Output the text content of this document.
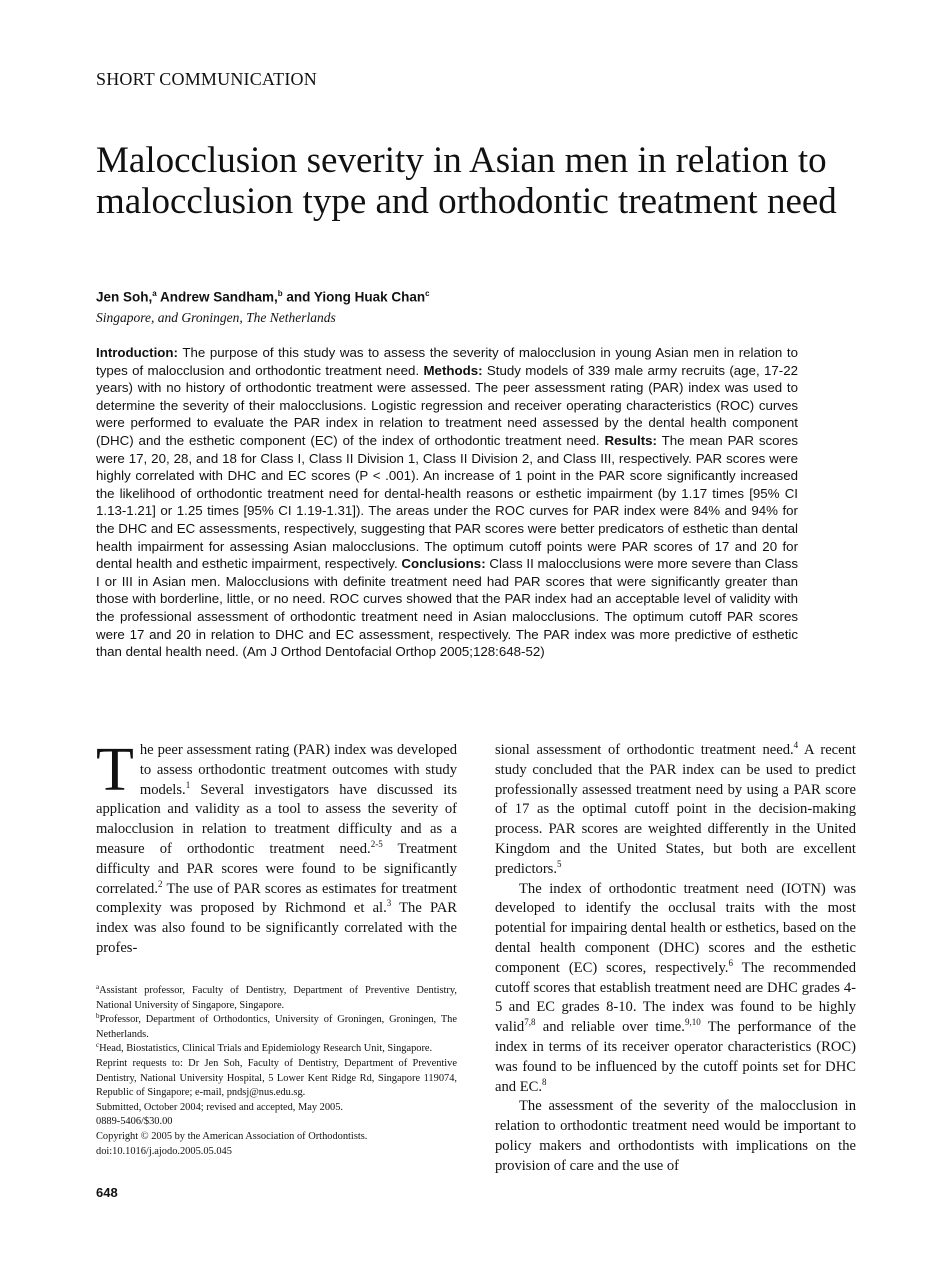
SHORT COMMUNICATION
Malocclusion severity in Asian men in relation to malocclusion type and orthodontic treatment need
Jen Soh,$^a$ Andrew Sandham,$^b$ and Yiong Huak Chan$^c$
Singapore, and Groningen, The Netherlands

Introduction: The purpose of this study was to assess the severity of malocclusion in young Asian men in relation to types of malocclusion and orthodontic treatment need. Methods: Study models of 339 male army recruits (age, 17-22 years) with no history of orthodontic treatment were assessed. The peer assessment rating (PAR) index was used to determine the severity of their malocclusions. Logistic regression and receiver operating characteristics (ROC) curves were performed to evaluate the PAR index in relation to treatment need assessed by the dental health component (DHC) and the esthetic component (EC) of the index of orthodontic treatment need. Results: The mean PAR scores were 17, 20, 28, and 18 for Class I, Class II Division 1, Class II Division 2, and Class III, respectively. PAR scores were highly correlated with DHC and EC scores (P < .001). An increase of 1 point in the PAR score significantly increased the likelihood of orthodontic treatment need for dental-health reasons or esthetic impairment (by 1.17 times [95% CI 1.13-1.21] or 1.25 times [95% CI 1.19-1.31]). The areas under the ROC curves for PAR index were 84% and 94% for the DHC and EC assessments, respectively, suggesting that PAR scores were better predicators of esthetic than dental health impairment for assessing Asian malocclusions. The optimum cutoff points were PAR scores of 17 and 20 for dental health and esthetic impairment, respectively. Conclusions: Class II malocclusions were more severe than Class I or III in Asian men. Malocclusions with definite treatment need had PAR scores that were significantly greater than those with borderline, little, or no need. ROC curves showed that the PAR index had an acceptable level of validity with the professional assessment of orthodontic treatment need in Asian malocclusions. The optimum cutoff PAR scores were 17 and 20 in relation to DHC and EC assessment, respectively. The PAR index was more predictive of esthetic than dental health need. (Am J Orthod Dentofacial Orthop 2005;128:648-52)

The peer assessment rating (PAR) index was developed to assess orthodontic treatment outcomes with study models.$^1$ Several investigators have discussed its application and validity as a tool to assess the severity of malocclusion in relation to treatment difficulty and as a measure of orthodontic treatment need.$^{2-5}$ Treatment difficulty and PAR scores were found to be significantly correlated.$^2$ The use of PAR scores as estimates for treatment complexity was proposed by Richmond et al.$^3$ The PAR index was also found to be significantly correlated with the profes-

$^a$Assistant professor, Faculty of Dentistry, Department of Preventive Dentistry, National University of Singapore, Singapore.

$^b$Professor, Department of Orthodontics, University of Groningen, Groningen, The Netherlands.

$^c$Head, Biostatistics, Clinical Trials and Epidemiology Research Unit, Singapore.

Reprint requests to: Dr Jen Soh, Faculty of Dentistry, Department of Preventive Dentistry, National University Hospital, 5 Lower Kent Ridge Rd, Singapore 119074, Republic of Singapore; e-mail, pndsj@nus.edu.sg.

Submitted, October 2004; revised and accepted, May 2005.

0889-5406/$30.00

Copyright © 2005 by the American Association of Orthodontists.

doi:10.1016/j.ajodo.2005.05.045

sional assessment of orthodontic treatment need.$^4$ A recent study concluded that the PAR index can be used to predict professionally assessed treatment need by using a PAR score of 17 as the optimal cutoff point in the decision-making process. PAR scores are weighted differently in the United Kingdom and the United States, but both are excellent predictors.$^5$

The index of orthodontic treatment need (IOTN) was developed to identify the occlusal traits with the most potential for impairing dental health or esthetics, based on the dental health component (DHC) scores and the esthetic component (EC) scores, respectively.$^6$ The recommended cutoff scores that establish treatment need are DHC grades 4-5 and EC grades 8-10. The index was found to be highly valid$^{7,8}$ and reliable over time.$^{9,10}$ The performance of the index in terms of its receiver operator characteristics (ROC) was found to be influenced by the cutoff points set for DHC and EC.$^8$

The assessment of the severity of the malocclusion in relation to orthodontic treatment need would be important to policy makers and orthodontists with implications on the provision of care and the use of

648
